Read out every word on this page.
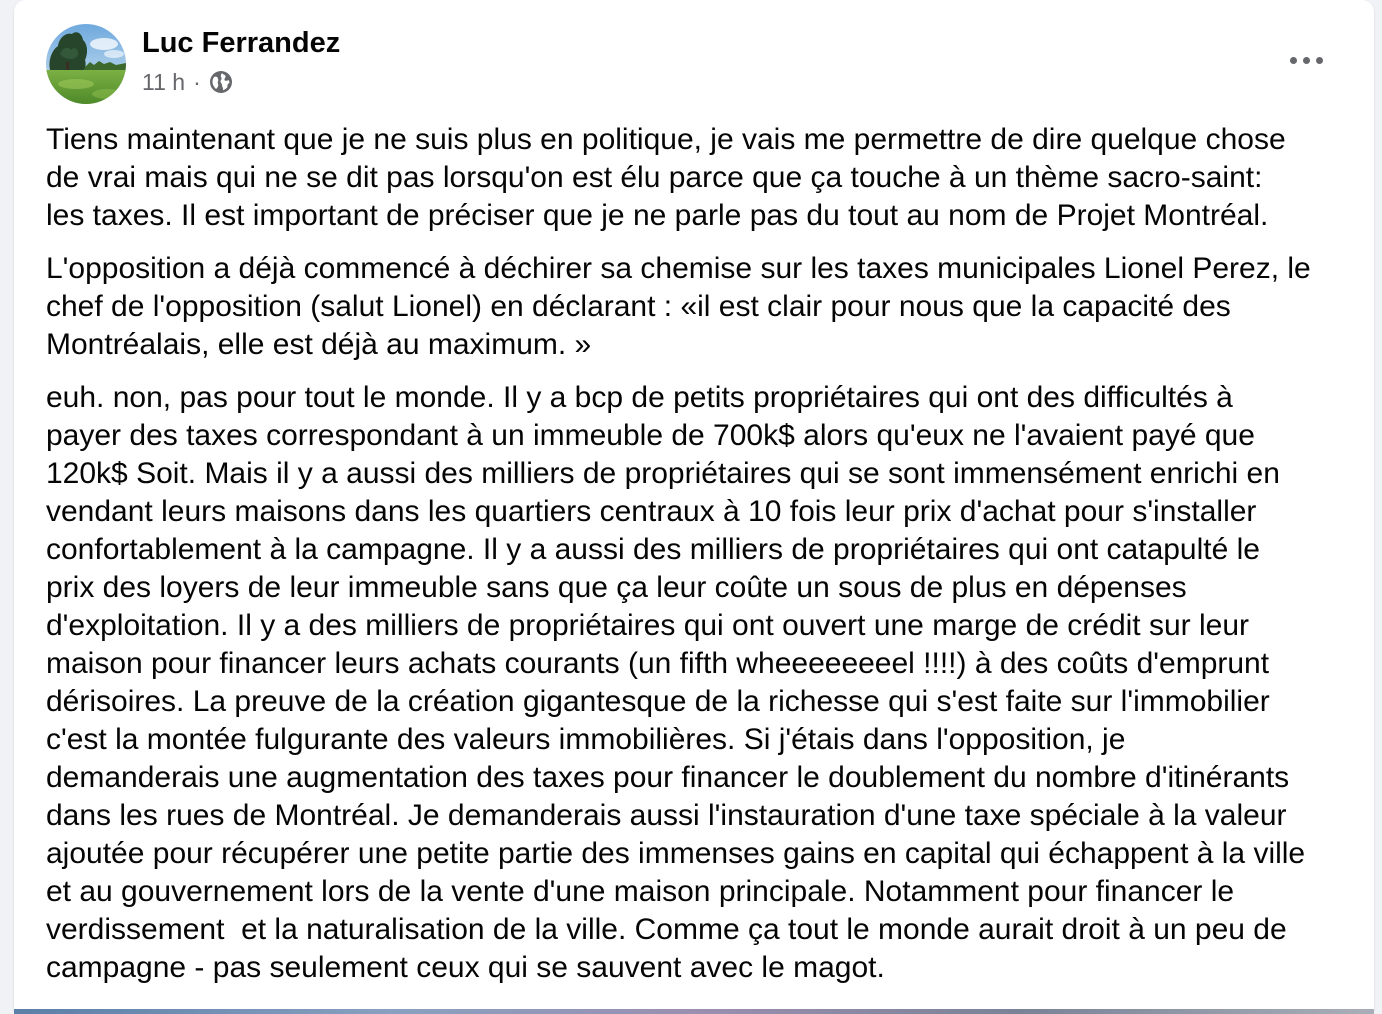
Luc Ferrandez
11 h ·
Tiens maintenant que je ne suis plus en politique, je vais me permettre de dire quelque chose
de vrai mais qui ne se dit pas lorsqu'on est élu parce que ça touche à un thème sacro-saint:
les taxes. Il est important de préciser que je ne parle pas du tout au nom de Projet Montréal.
L'opposition a déjà commencé à déchirer sa chemise sur les taxes municipales Lionel Perez, le
chef de l'opposition (salut Lionel) en déclarant : «il est clair pour nous que la capacité des
Montréalais, elle est déjà au maximum. »
euh. non, pas pour tout le monde. Il y a bcp de petits propriétaires qui ont des difficultés à
payer des taxes correspondant à un immeuble de 700k$ alors qu'eux ne l'avaient payé que
120k$ Soit. Mais il y a aussi des milliers de propriétaires qui se sont immensément enrichi en
vendant leurs maisons dans les quartiers centraux à 10 fois leur prix d'achat pour s'installer
confortablement à la campagne. Il y a aussi des milliers de propriétaires qui ont catapulté le
prix des loyers de leur immeuble sans que ça leur coûte un sous de plus en dépenses
d'exploitation. Il y a des milliers de propriétaires qui ont ouvert une marge de crédit sur leur
maison pour financer leurs achats courants (un fifth wheeeeeeeel !!!!) à des coûts d'emprunt
dérisoires. La preuve de la création gigantesque de la richesse qui s'est faite sur l'immobilier
c'est la montée fulgurante des valeurs immobilières. Si j'étais dans l'opposition, je
demanderais une augmentation des taxes pour financer le doublement du nombre d'itinérants
dans les rues de Montréal. Je demanderais aussi l'instauration d'une taxe spéciale à la valeur
ajoutée pour récupérer une petite partie des immenses gains en capital qui échappent à la ville
et au gouvernement lors de la vente d'une maison principale. Notamment pour financer le
verdissement  et la naturalisation de la ville. Comme ça tout le monde aurait droit à un peu de
campagne - pas seulement ceux qui se sauvent avec le magot.
